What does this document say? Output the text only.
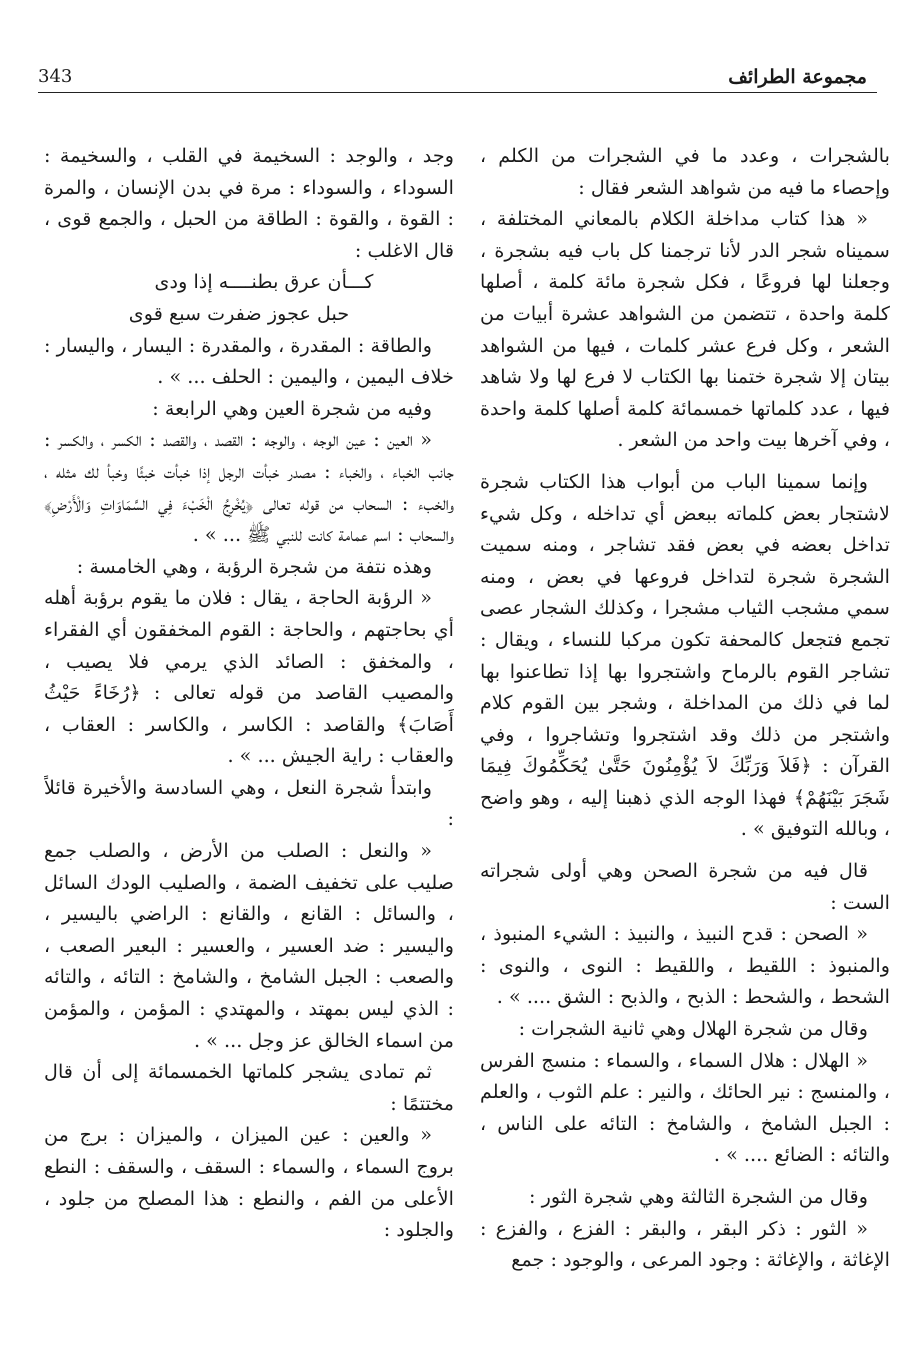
مجموعة الطرائف
343

بالشجرات ، وعدد ما في الشجرات من الكلم ، وإحصاء ما فيه من شواهد الشعر فقال :

« هذا كتاب مداخلة الكلام بالمعاني المختلفة ، سميناه شجر الدر لأنا ترجمنا كل باب فيه بشجرة ، وجعلنا لها فروعًا ، فكل شجرة مائة كلمة ، أصلها كلمة واحدة ، تتضمن من الشواهد عشرة أبيات من الشعر ، وكل فرع عشر كلمات ، فيها من الشواهد بيتان إلا شجرة ختمنا بها الكتاب لا فرع لها ولا شاهد فيها ، عدد كلماتها خمسمائة كلمة أصلها كلمة واحدة ، وفي آخرها بيت واحد من الشعر .

وإنما سمينا الباب من أبواب هذا الكتاب شجرة لاشتجار بعض كلماته ببعض أي تداخله ، وكل شيء تداخل بعضه في بعض فقد تشاجر ، ومنه سميت الشجرة شجرة لتداخل فروعها في بعض ، ومنه سمي مشجب الثياب مشجرا ، وكذلك الشجار عصى تجمع فتجعل كالمحفة تكون مركبا للنساء ، ويقال : تشاجر القوم بالرماح واشتجروا بها إذا تطاعنوا بها لما في ذلك من المداخلة ، وشجر بين القوم كلام واشتجر من ذلك وقد اشتجروا وتشاجروا ، وفي القرآن : ﴿فَلاَ وَرَبِّكَ لاَ يُؤْمِنُونَ حَتَّىٰ يُحَكِّمُوكَ فِيمَا شَجَرَ بَيْنَهُمْ﴾ فهذا الوجه الذي ذهبنا إليه ، وهو واضح ، وبالله التوفيق » .

قال فيه من شجرة الصحن وهي أولى شجراته الست :

« الصحن : قدح النبيذ ، والنبيذ : الشيء المنبوذ ، والمنبوذ : اللقيط ، واللقيط : النوى ، والنوى : الشحط ، والشحط : الذبح ، والذبح : الشق .... » .

وقال من شجرة الهلال وهي ثانية الشجرات :

« الهلال : هلال السماء ، والسماء : منسج الفرس ، والمنسج : نير الحائك ، والنير : علم الثوب ، والعلم : الجبل الشامخ ، والشامخ : التائه على الناس ، والتائه : الضائع .... » .

وقال من الشجرة الثالثة وهي شجرة الثور :

« الثور : ذكر البقر ، والبقر : الفزع ، والفزع : الإغاثة ، والإغاثة : وجود المرعى ، والوجود : جمع

وجد ، والوجد : السخيمة في القلب ، والسخيمة : السوداء ، والسوداء : مرة في بدن الإنسان ، والمرة : القوة ، والقوة : الطاقة من الحبل ، والجمع قوى ، قال الاغلب :

كـــأن عرق بطنــــه إذا ودى

حبل عجوز ضفرت سبع قوى

والطاقة : المقدرة ، والمقدرة : اليسار ، واليسار : خلاف اليمين ، واليمين : الحلف ... » .

وفيه من شجرة العين وهي الرابعة :

« العين : عين الوجه ، والوجه : القصد ، والقصد : الكسر ، والكسر : جانب الخباء ، والخباء : مصدر خبأت الرجل إذا خبأت خبئًا وخبأ لك مثله ، والخبء : السحاب من قوله تعالى ﴿يُخْرِجُ الْخَبْءَ فِي السَّمَاوَاتِ وَالْأَرْضِ﴾ والسحاب : اسم عمامة كانت للنبي ﷺ ... » .

وهذه نتفة من شجرة الرؤبة ، وهي الخامسة :

« الرؤبة الحاجة ، يقال : فلان ما يقوم برؤبة أهله أي بحاجتهم ، والحاجة : القوم المخفقون أي الفقراء ، والمخفق : الصائد الذي يرمي فلا يصيب ، والمصيب القاصد من قوله تعالى : ﴿رُخَاءً حَيْثُ أَصَابَ﴾ والقاصد : الكاسر ، والكاسر : العقاب ، والعقاب : راية الجيش ... » .

وابتدأ شجرة النعل ، وهي السادسة والأخيرة قائلاً :

« والنعل : الصلب من الأرض ، والصلب جمع صليب على تخفيف الضمة ، والصليب الودك السائل ، والسائل : القانع ، والقانع : الراضي باليسير ، واليسير : ضد العسير ، والعسير : البعير الصعب ، والصعب : الجبل الشامخ ، والشامخ : التائه ، والتائه : الذي ليس بمهتد ، والمهتدي : المؤمن ، والمؤمن من اسماء الخالق عز وجل ... » .

ثم تمادى يشجر كلماتها الخمسمائة إلى أن قال مختتمًا :

« والعين : عين الميزان ، والميزان : برج من بروج السماء ، والسماء : السقف ، والسقف : النطع الأعلى من الفم ، والنطع : هذا المصلح من جلود ، والجلود :
